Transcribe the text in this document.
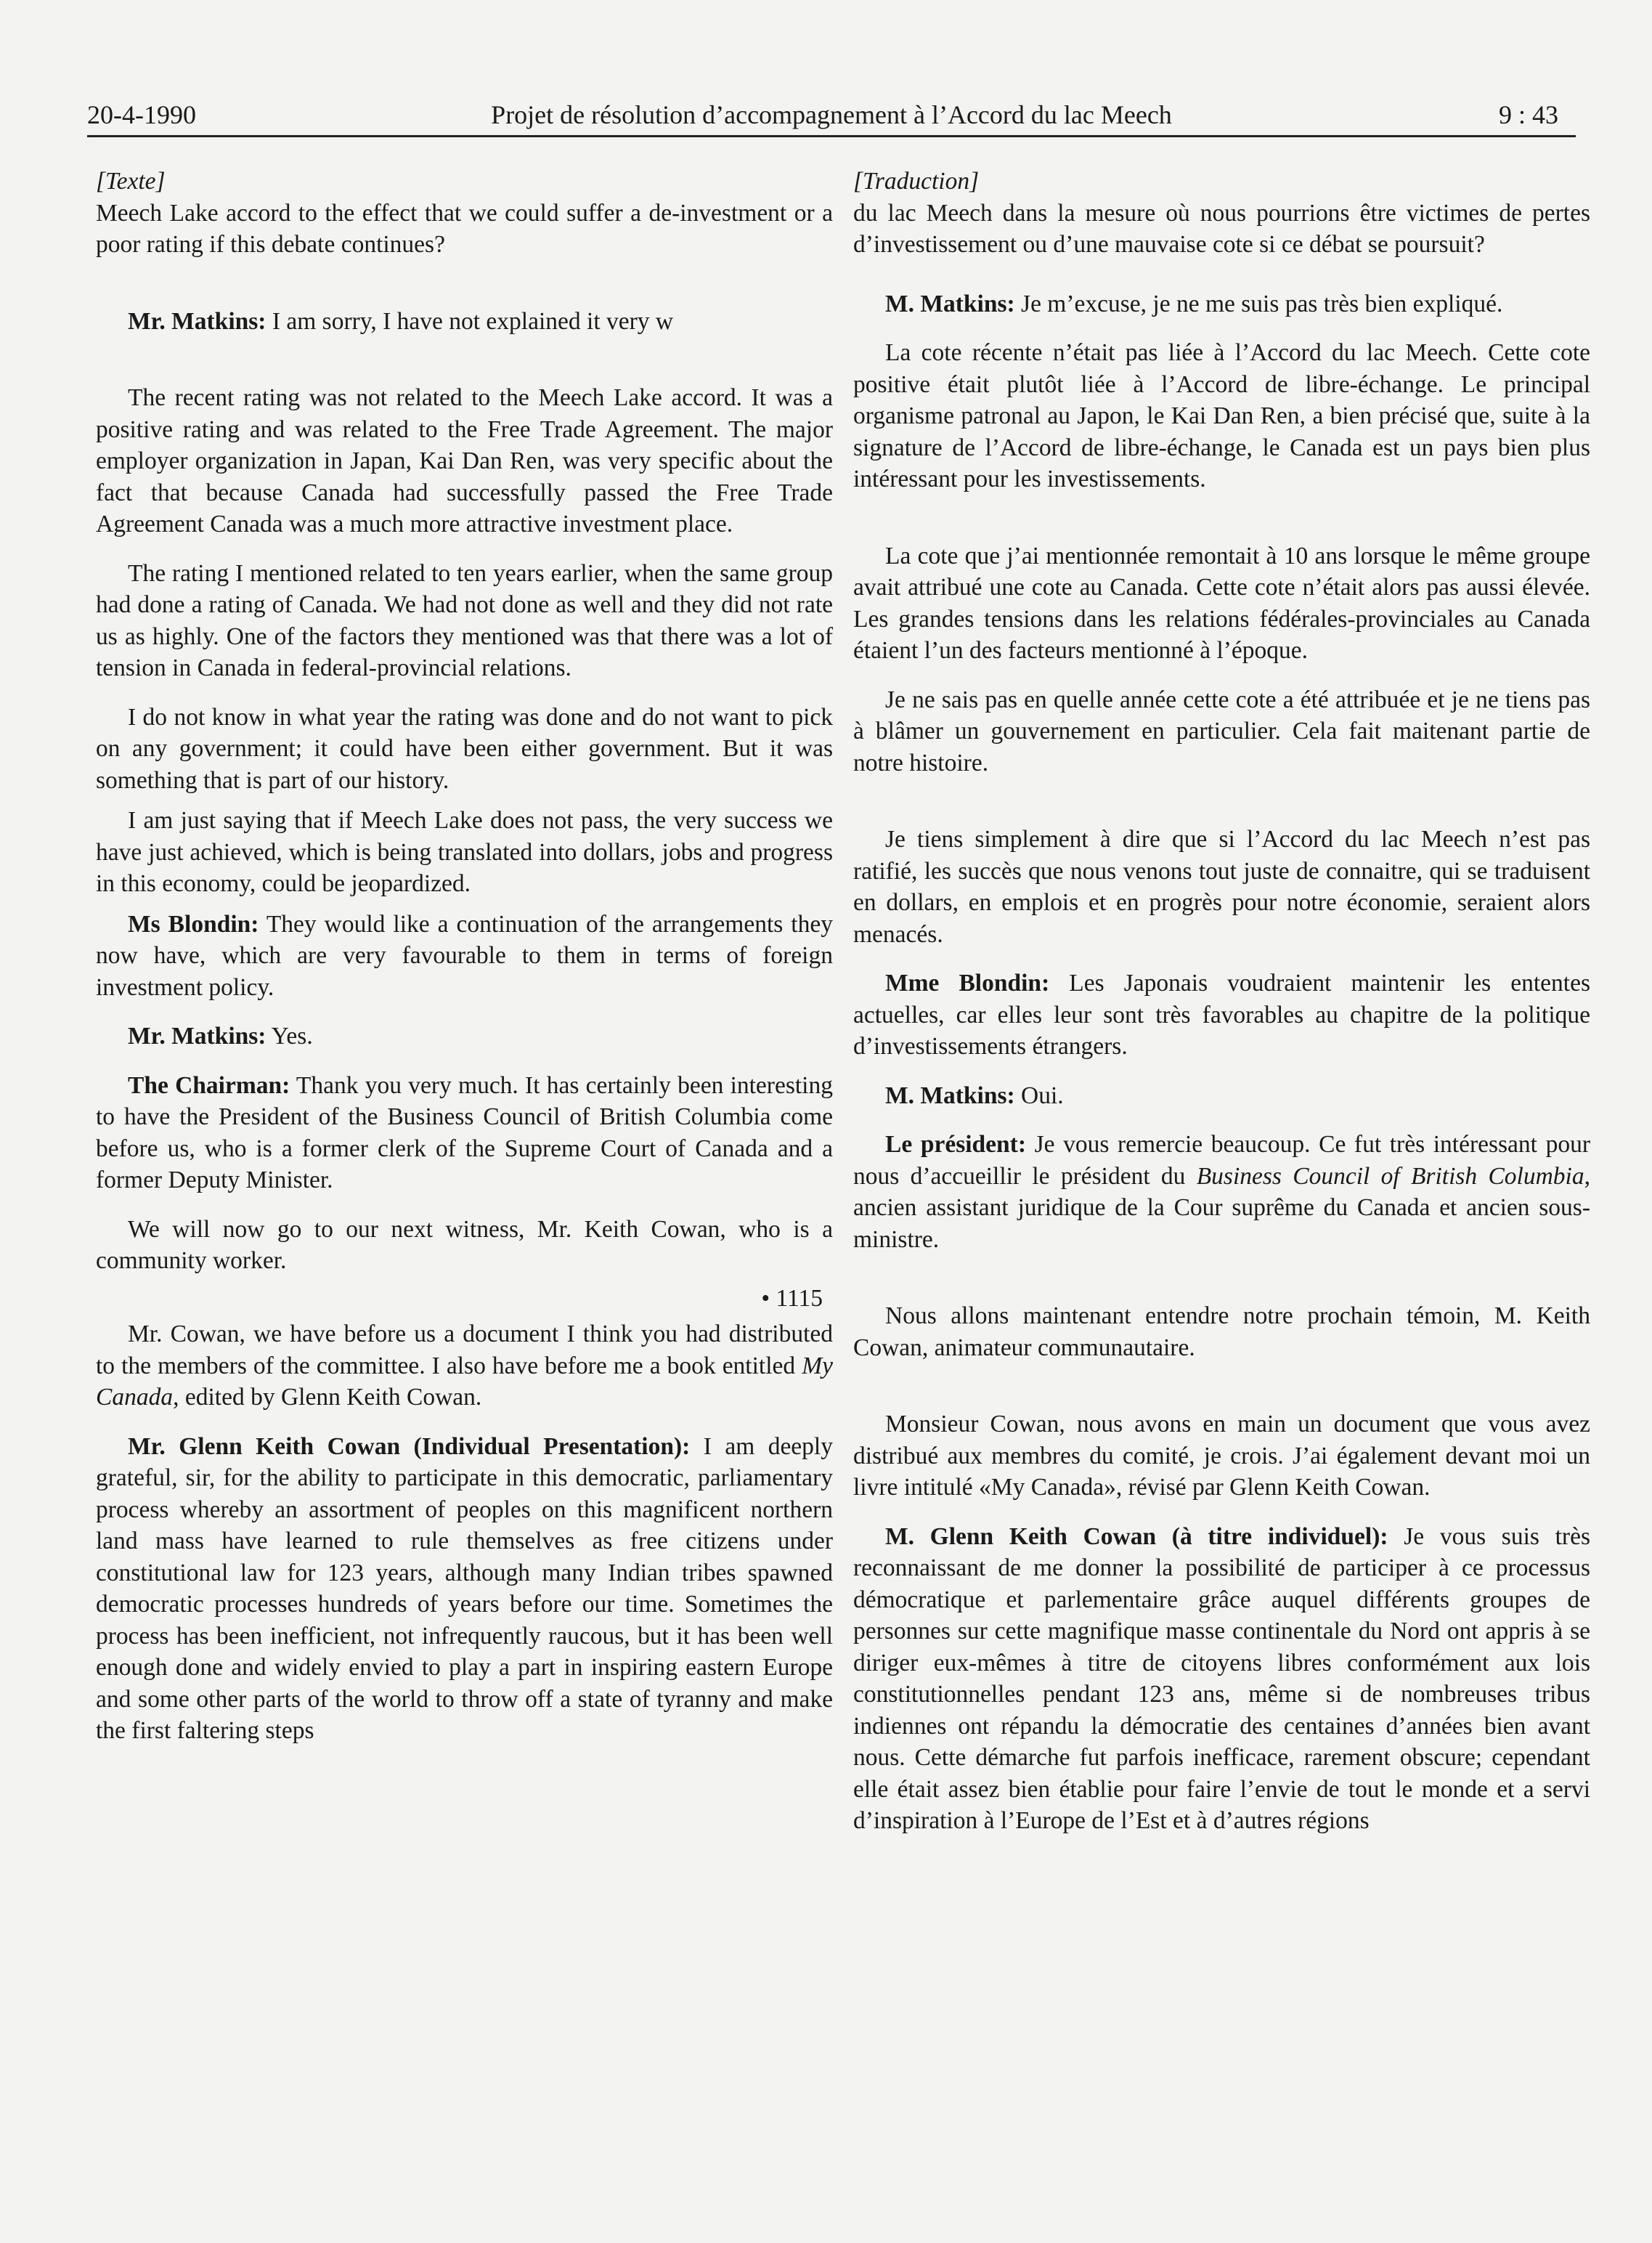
20-4-1990	Projet de résolution d’accompagnement à l’Accord du lac Meech	9 : 43
[Texte]

Meech Lake accord to the effect that we could suffer a de-investment or a poor rating if this debate continues?

Mr. Matkins: I am sorry, I have not explained it very w

The recent rating was not related to the Meech Lake accord. It was a positive rating and was related to the Free Trade Agreement. The major employer organization in Japan, Kai Dan Ren, was very specific about the fact that because Canada had successfully passed the Free Trade Agreement Canada was a much more attractive investment place.

The rating I mentioned related to ten years earlier, when the same group had done a rating of Canada. We had not done as well and they did not rate us as highly. One of the factors they mentioned was that there was a lot of tension in Canada in federal-provincial relations.

I do not know in what year the rating was done and do not want to pick on any government; it could have been either government. But it was something that is part of our history.

I am just saying that if Meech Lake does not pass, the very success we have just achieved, which is being translated into dollars, jobs and progress in this economy, could be jeopardized.

Ms Blondin: They would like a continuation of the arrangements they now have, which are very favourable to them in terms of foreign investment policy.

Mr. Matkins: Yes.

The Chairman: Thank you very much. It has certainly been interesting to have the President of the Business Council of British Columbia come before us, who is a former clerk of the Supreme Court of Canada and a former Deputy Minister.

We will now go to our next witness, Mr. Keith Cowan, who is a community worker.

• 1115

Mr. Cowan, we have before us a document I think you had distributed to the members of the committee. I also have before me a book entitled My Canada, edited by Glenn Keith Cowan.

Mr. Glenn Keith Cowan (Individual Presentation): I am deeply grateful, sir, for the ability to participate in this democratic, parliamentary process whereby an assortment of peoples on this magnificent northern land mass have learned to rule themselves as free citizens under constitutional law for 123 years, although many Indian tribes spawned democratic processes hundreds of years before our time. Sometimes the process has been inefficient, not infrequently raucous, but it has been well enough done and widely envied to play a part in inspiring eastern Europe and some other parts of the world to throw off a state of tyranny and make the first faltering steps

[Traduction]

du lac Meech dans la mesure où nous pourrions être victimes de pertes d’investissement ou d’une mauvaise cote si ce débat se poursuit?

M. Matkins: Je m’excuse, je ne me suis pas très bien expliqué.

La cote récente n’était pas liée à l’Accord du lac Meech. Cette cote positive était plutôt liée à l’Accord de libre-échange. Le principal organisme patronal au Japon, le Kai Dan Ren, a bien précisé que, suite à la signature de l’Accord de libre-échange, le Canada est un pays bien plus intéressant pour les investissements.

La cote que j’ai mentionnée remontait à 10 ans lorsque le même groupe avait attribué une cote au Canada. Cette cote n’était alors pas aussi élevée. Les grandes tensions dans les relations fédérales-provinciales au Canada étaient l’un des facteurs mentionné à l’époque.

Je ne sais pas en quelle année cette cote a été attribuée et je ne tiens pas à blâmer un gouvernement en particulier. Cela fait maitenant partie de notre histoire.

Je tiens simplement à dire que si l’Accord du lac Meech n’est pas ratifié, les succès que nous venons tout juste de connaitre, qui se traduisent en dollars, en emplois et en progrès pour notre économie, seraient alors menacés.

Mme Blondin: Les Japonais voudraient maintenir les ententes actuelles, car elles leur sont très favorables au chapitre de la politique d’investissements étrangers.

M. Matkins: Oui.

Le président: Je vous remercie beaucoup. Ce fut très intéressant pour nous d’accueillir le président du Business Council of British Columbia, ancien assistant juridique de la Cour suprême du Canada et ancien sous-ministre.

Nous allons maintenant entendre notre prochain témoin, M. Keith Cowan, animateur communautaire.

Monsieur Cowan, nous avons en main un document que vous avez distribué aux membres du comité, je crois. J’ai également devant moi un livre intitulé «My Canada», révisé par Glenn Keith Cowan.

M. Glenn Keith Cowan (à titre individuel): Je vous suis très reconnaissant de me donner la possibilité de participer à ce processus démocratique et parlementaire grâce auquel différents groupes de personnes sur cette magnifique masse continentale du Nord ont appris à se diriger eux-mêmes à titre de citoyens libres conformément aux lois constitutionnelles pendant 123 ans, même si de nombreuses tribus indiennes ont répandu la démocratie des centaines d’années bien avant nous. Cette démarche fut parfois inefficace, rarement obscure; cependant elle était assez bien établie pour faire l’envie de tout le monde et a servi d’inspiration à l’Europe de l’Est et à d’autres régions
